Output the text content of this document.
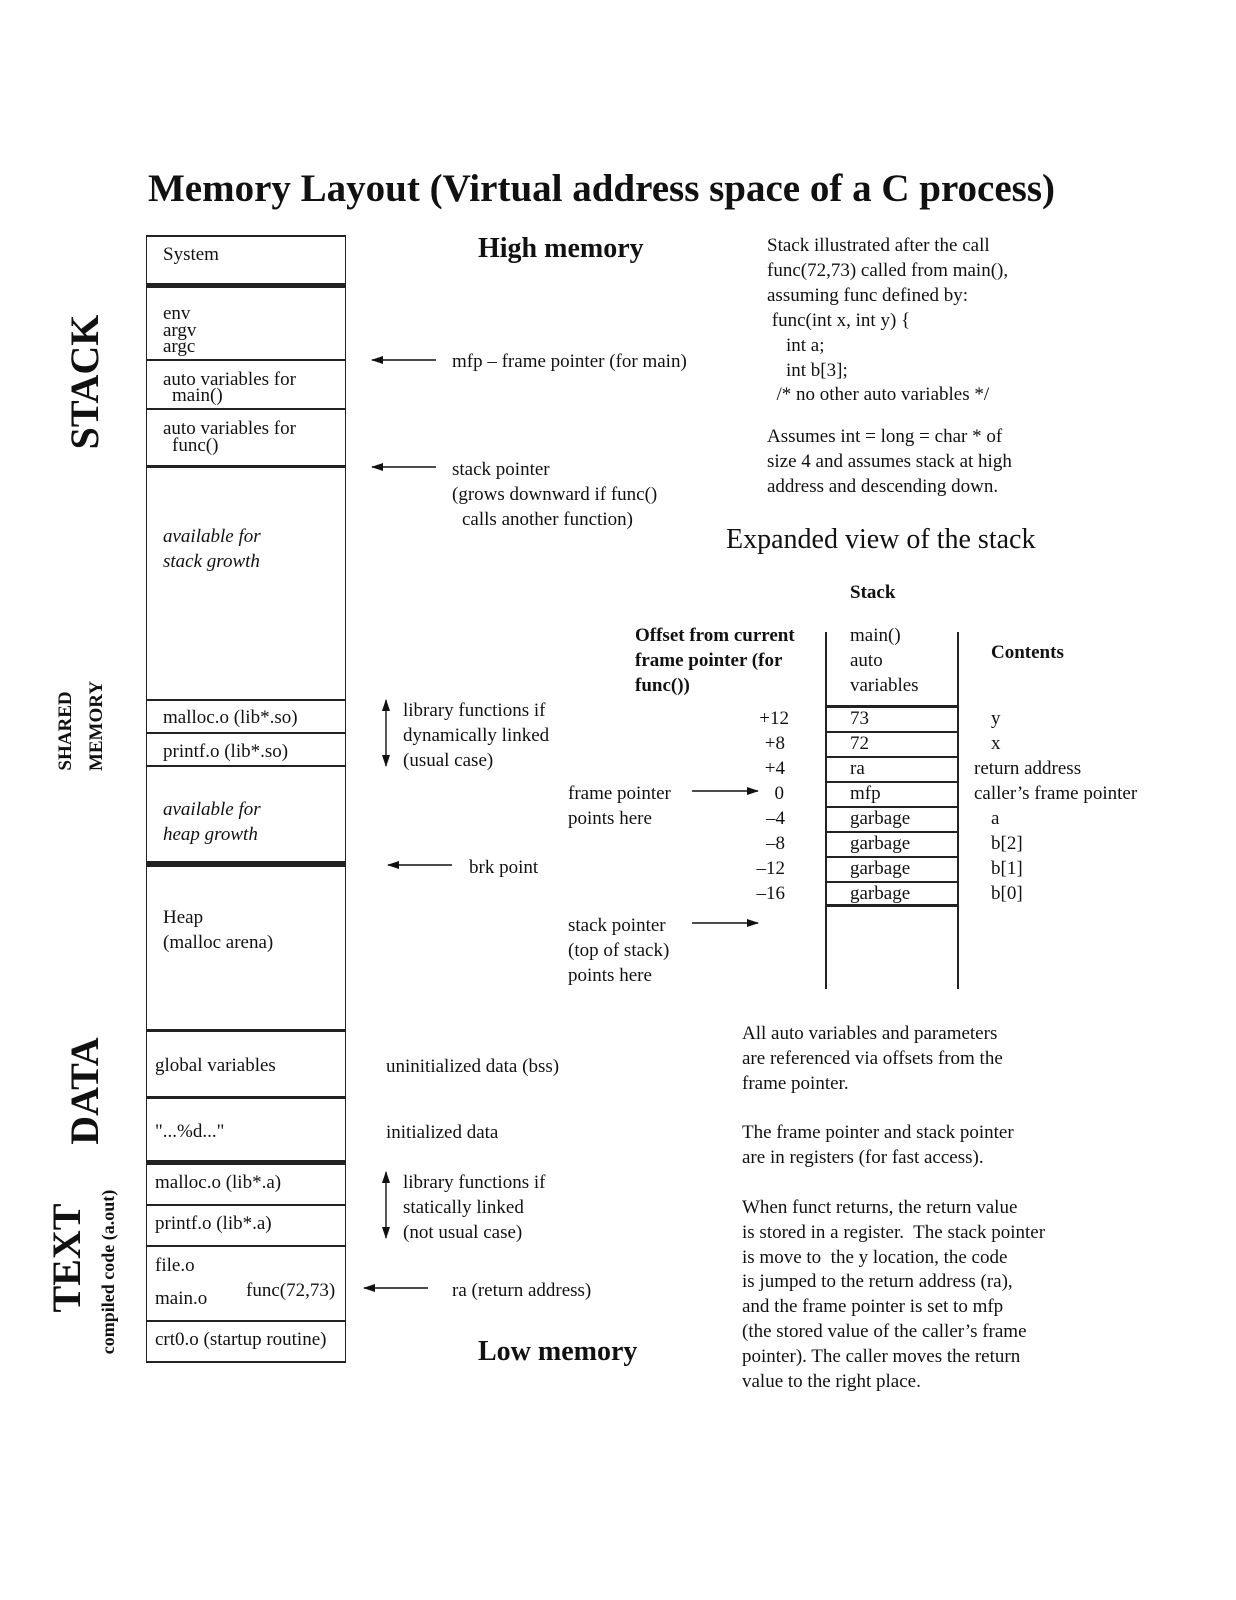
Memory Layout (Virtual address space of a C process)
STACK
SHARED MEMORY
DATA
TEXT compiled code (a.out)
System
env
argv
argc
auto variables for
main()
auto variables for
func()
available for
stack growth
malloc.o (lib*.so)
printf.o (lib*.so)
available for
heap growth
Heap
(malloc arena)
global variables
"...%d..."
malloc.o (lib*.a)
printf.o (lib*.a)
file.o
main.o func(72,73)
crt0.o (startup routine)
High memory
Low memory
mfp – frame pointer (for main)
stack pointer
(grows downward if func()
calls another function)
library functions if
dynamically linked
(usual case)
brk point
uninitialized data (bss)
initialized data
library functions if
statically linked
(not usual case)
ra (return address)
Stack illustrated after the call
func(72,73) called from main(),
assuming func defined by:
func(int x, int y) {
int a;
int b[3];
/* no other auto variables */
Assumes int = long = char * of
size 4 and assumes stack at high
address and descending down.
Expanded view of the stack
Stack
Offset from current
frame pointer (for
func())
main()
auto
variables
Contents
+12	73	y
+8	72	x
+4	ra	return address
0	mfp	caller’s frame pointer
–4	garbage	a
–8	garbage	b[2]
–12	garbage	b[1]
–16	garbage	b[0]
frame pointer
points here
stack pointer
(top of stack)
points here
All auto variables and parameters
are referenced via offsets from the
frame pointer.
The frame pointer and stack pointer
are in registers (for fast access).
When funct returns, the return value
is stored in a register.  The stack pointer
is move to  the y location, the code
is jumped to the return address (ra),
and the frame pointer is set to mfp
(the stored value of the caller’s frame
pointer). The caller moves the return
value to the right place.
